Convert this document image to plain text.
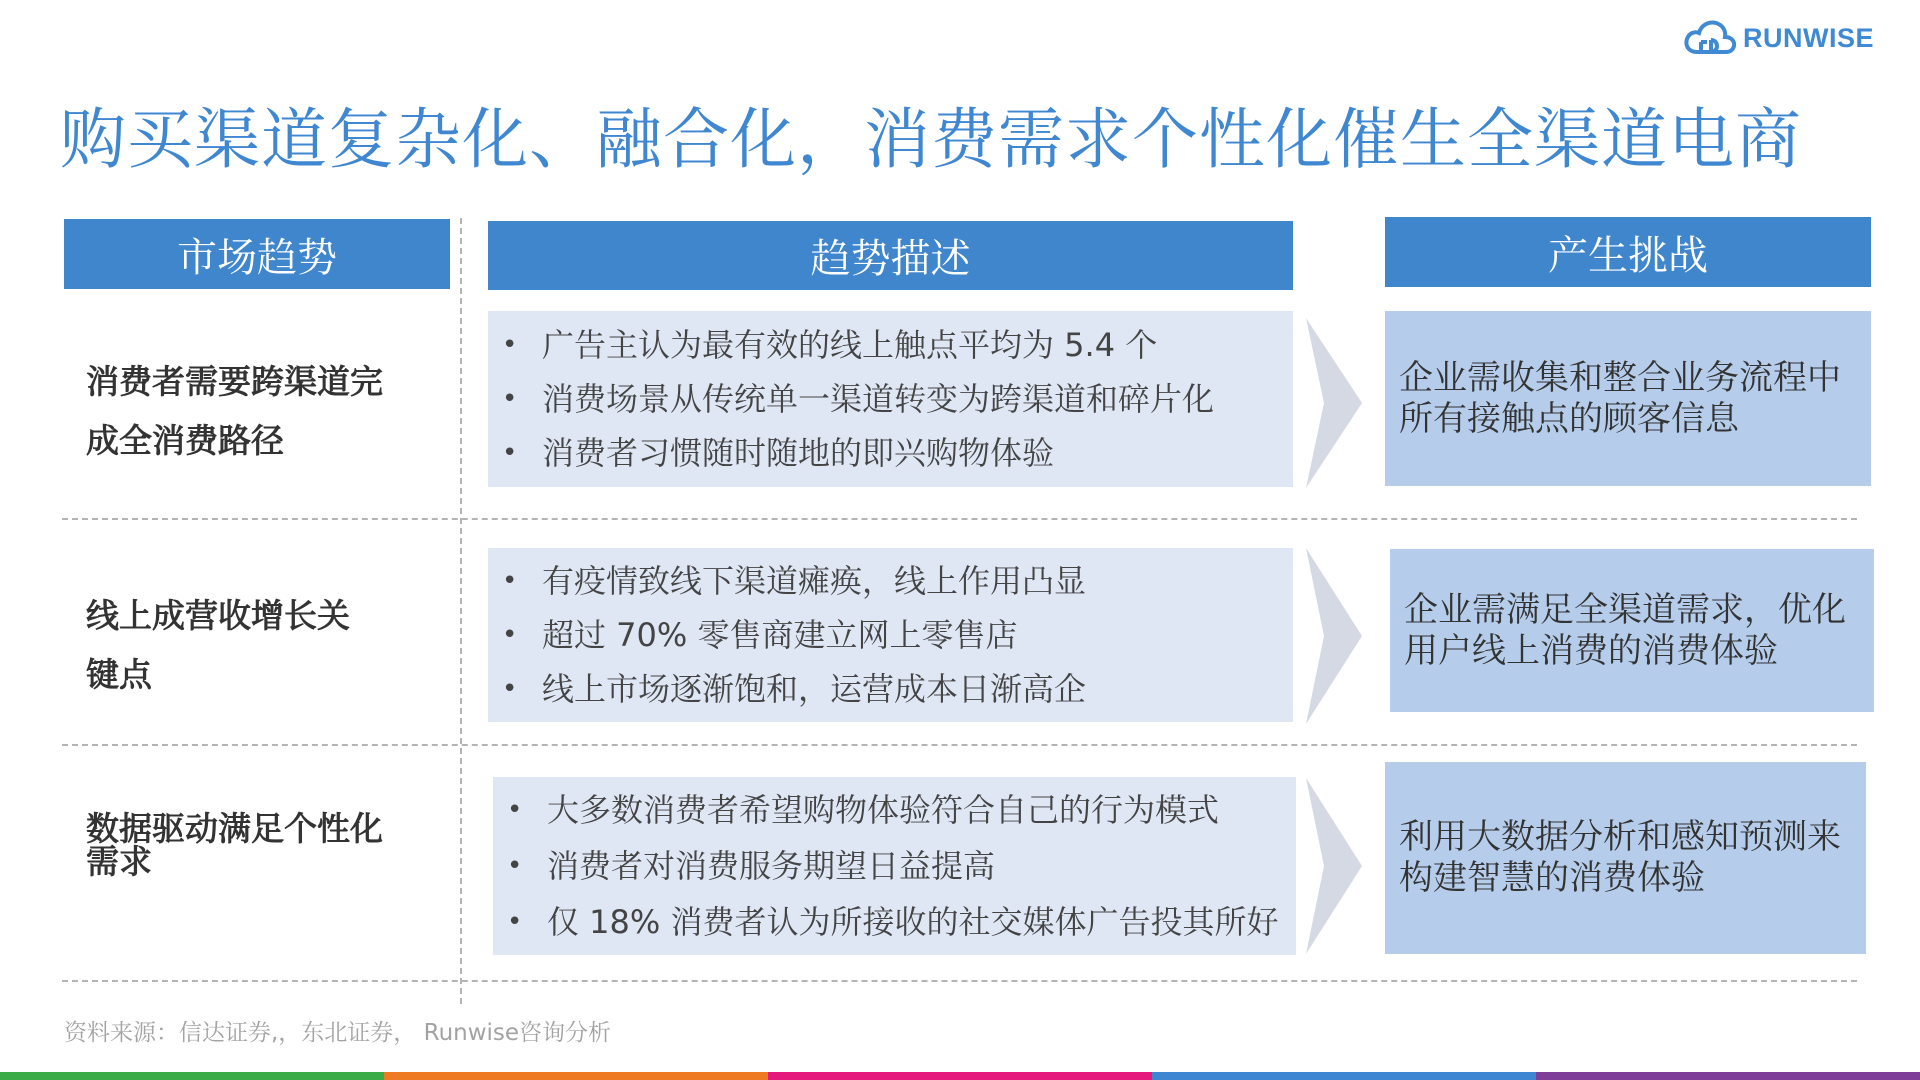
RUNWISE
购买渠道复杂化、融合化，消费需求个性化催生全渠道电商
市场趋势	趋势描述	产生挑战
消费者需要跨渠道完
成全消费路径
• 广告主认为最有效的线上触点平均为 5.4 个
• 消费场景从传统单一渠道转变为跨渠道和碎片化
• 消费者习惯随时随地的即兴购物体验
企业需收集和整合业务流程中所有接触点的顾客信息
线上成营收增长关
键点
• 有疫情致线下渠道瘫痪，线上作用凸显
• 超过 70% 零售商建立网上零售店
• 线上市场逐渐饱和，运营成本日渐高企
企业需满足全渠道需求，优化用户线上消费的消费体验
数据驱动满足个性化
需求
• 大多数消费者希望购物体验符合自己的行为模式
• 消费者对消费服务期望日益提高
• 仅 18% 消费者认为所接收的社交媒体广告投其所好
利用大数据分析和感知预测来构建智慧的消费体验
资料来源：信达证券,，东北证券， Runwise咨询分析
